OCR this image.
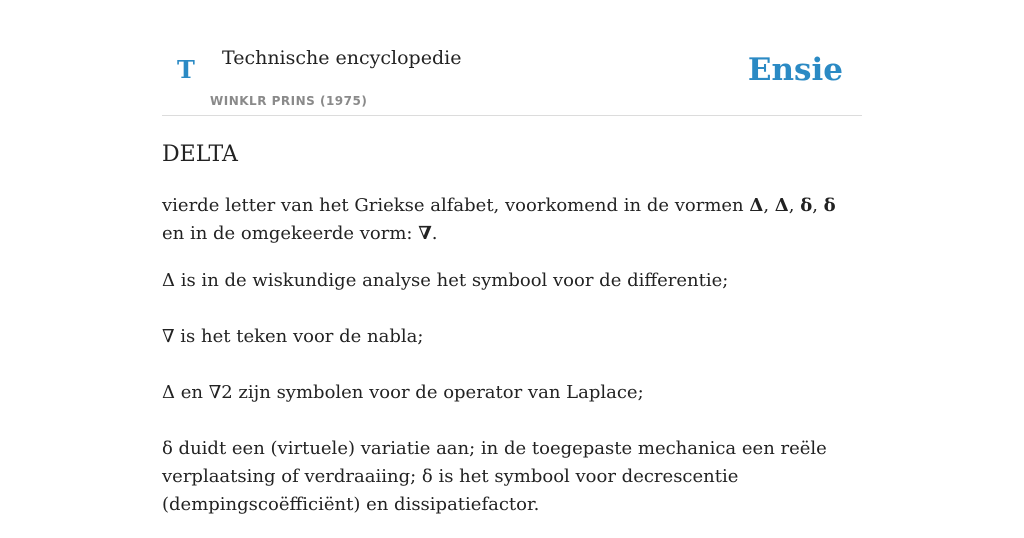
T Technische encyclopedie
WINKLR PRINS (1975)
Ensie
DELTA

vierde letter van het Griekse alfabet, voorkomend in de vormen Δ, Δ, δ, δ en in de omgekeerde vorm: ∇.

Δ is in de wiskundige analyse het symbool voor de differentie;

∇ is het teken voor de nabla;

Δ en ∇2 zijn symbolen voor de operator van Laplace;

δ duidt een (virtuele) variatie aan; in de toegepaste mechanica een reële verplaatsing of verdraaiing; δ is het symbool voor decrescentie (dempingscoëfficiënt) en dissipatiefactor.
